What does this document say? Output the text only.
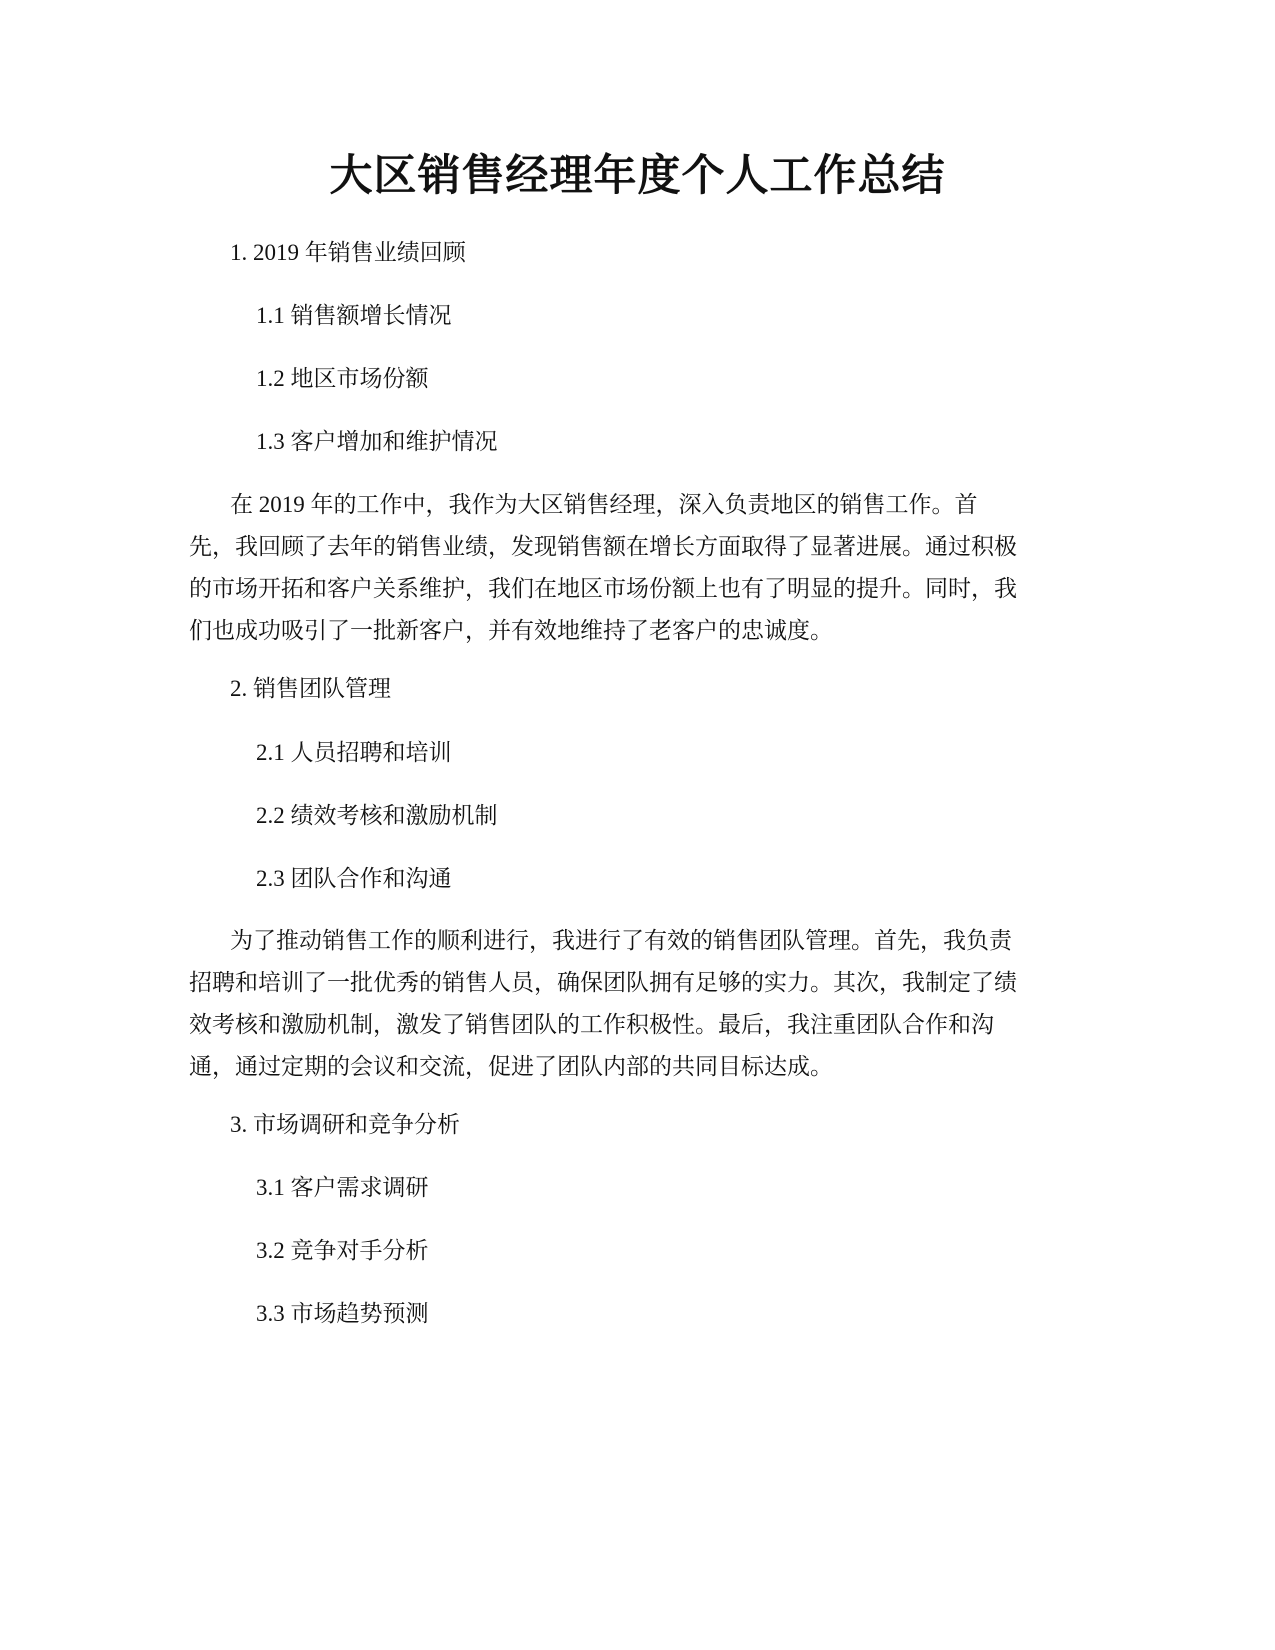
大区销售经理年度个人工作总结

1. 2019 年销售业绩回顾

1.1 销售额增长情况

1.2 地区市场份额

1.3 客户增加和维护情况

在 2019 年的工作中，我作为大区销售经理，深入负责地区的销售工作。首
先，我回顾了去年的销售业绩，发现销售额在增长方面取得了显著进展。通过积极
的市场开拓和客户关系维护，我们在地区市场份额上也有了明显的提升。同时，我
们也成功吸引了一批新客户，并有效地维持了老客户的忠诚度。

2. 销售团队管理

2.1 人员招聘和培训

2.2 绩效考核和激励机制

2.3 团队合作和沟通

为了推动销售工作的顺利进行，我进行了有效的销售团队管理。首先，我负责
招聘和培训了一批优秀的销售人员，确保团队拥有足够的实力。其次，我制定了绩
效考核和激励机制，激发了销售团队的工作积极性。最后，我注重团队合作和沟
通，通过定期的会议和交流，促进了团队内部的共同目标达成。

3. 市场调研和竞争分析

3.1 客户需求调研

3.2 竞争对手分析

3.3 市场趋势预测
